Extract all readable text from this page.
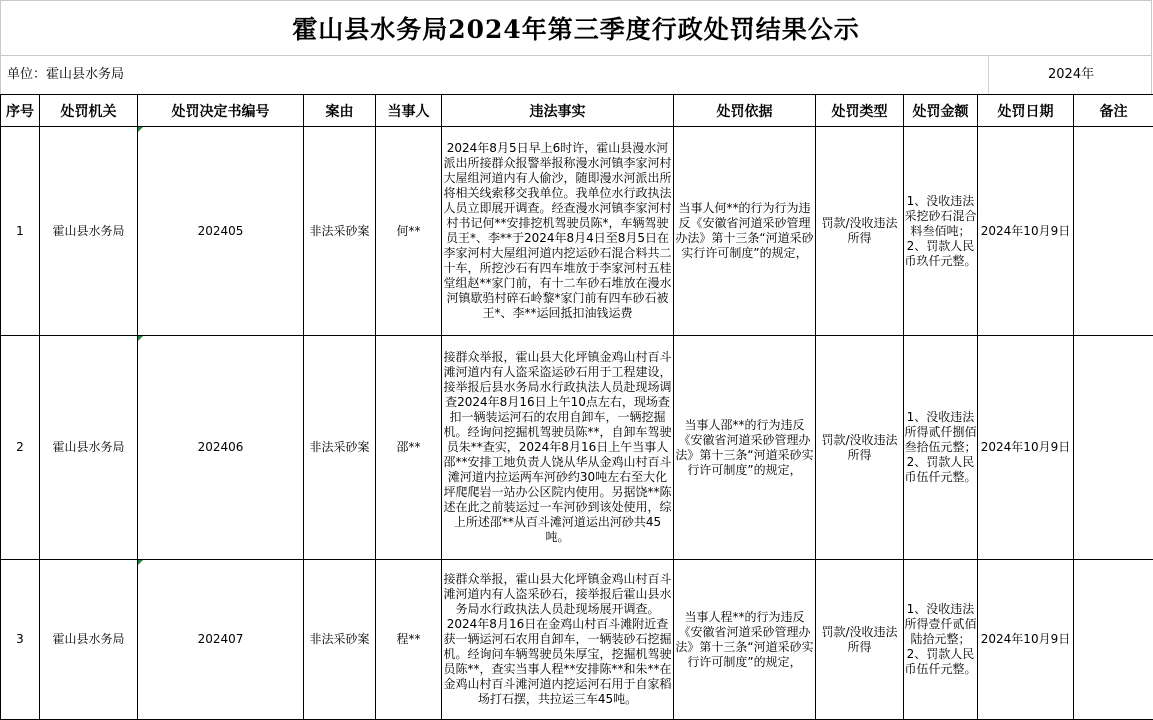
霍山县水务局2024年第三季度行政处罚结果公示
单位：霍山县水务局	2024年
序号	处罚机关	处罚决定书编号	案由	当事人	违法事实	处罚依据	处罚类型	处罚金额	处罚日期	备注
1	霍山县水务局	202405	非法采砂案	何**	2024年8月5日早上6时许，霍山县漫水河派出所接群众报警举报称漫水河镇李家河村大屋组河道内有人偷沙，随即漫水河派出所将相关线索移交我单位。我单位水行政执法人员立即展开调查。经查漫水河镇李家河村村书记何**安排挖机驾驶员陈*，车辆驾驶员王*、李**于2024年8月4日至8月5日在李家河村大屋组河道内挖运砂石混合料共二十车，所挖沙石有四车堆放于李家河村五桂堂组赵**家门前，有十二车砂石堆放在漫水河镇歇驺村碎石岭黎*家门前有四车砂石被王*、李**运回抵扣油钱运费	当事人何**的行为行为违反《安徽省河道采砂管理办法》第十三条“河道采砂实行许可制度”的规定，	罚款/没收违法所得	1、没收违法采挖砂石混合料叁佰吨；2、罚款人民币玖仟元整。	2024年10月9日	
2	霍山县水务局	202406	非法采砂案	邵**	接群众举报，霍山县大化坪镇金鸡山村百斗滩河道内有人盗采盗运砂石用于工程建设，接举报后县水务局水行政执法人员赴现场调查2024年8月16日上午10点左右，现场查扣一辆装运河石的农用自卸车，一辆挖掘机。经询问挖掘机驾驶员陈**，自卸车驾驶员朱**查实，2024年8月16日上午当事人邵**安排工地负责人饶从华从金鸡山村百斗滩河道内拉运两车河砂约30吨左右至大化坪爬爬岩一站办公区院内使用。另据饶**陈述在此之前装运过一车河砂到该处使用，综上所述邵**从百斗滩河道运出河砂共45 吨。	当事人邵**的行为违反《安徽省河道采砂管理办法》第十三条“河道采砂实行许可制度”的规定，	罚款/没收违法所得	1、没收违法所得贰仟捌佰叁拾伍元整；2、罚款人民币伍仟元整。	2024年10月9日	
3	霍山县水务局	202407	非法采砂案	程**	接群众举报，霍山县大化坪镇金鸡山村百斗滩河道内有人盗采砂石，接举报后霍山县水务局水行政执法人员赴现场展开调查。2024年8月16日在金鸡山村百斗滩附近查获一辆运河石农用自卸车，一辆装砂石挖掘机。经询问车辆驾驶员朱厚宝，挖掘机驾驶员陈**，查实当事人程**安排陈**和朱**在金鸡山村百斗滩河道内挖运河石用于自家稻场打石摆，共拉运三车45吨。	当事人程**的行为违反《安徽省河道采砂管理办法》第十三条“河道采砂实行许可制度”的规定，	罚款/没收违法所得	1、没收违法所得壹仟贰佰陆拾元整；2、罚款人民币伍仟元整。	2024年10月9日	
